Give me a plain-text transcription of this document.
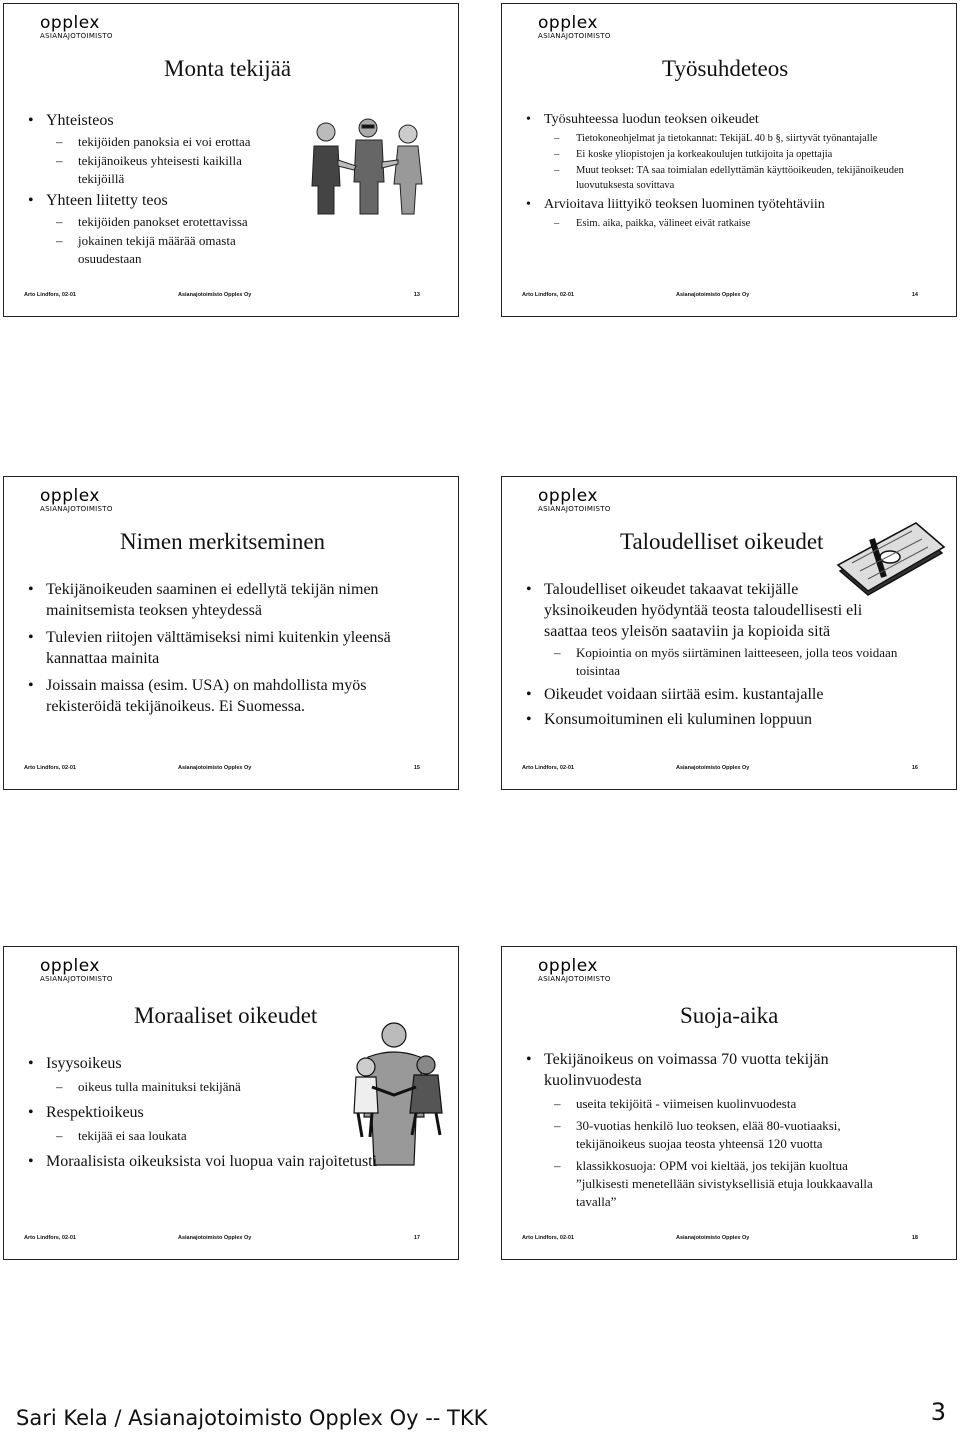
opplex
ASIANAJOTOIMISTO
Monta tekijää
• Yhteisteos
– tekijöiden panoksia ei voi erottaa
– tekijänoikeus yhteisesti kaikilla tekijöillä
• Yhteen liitetty teos
– tekijöiden panokset erotettavissa
– jokainen tekijä määrää omasta osuudestaan
Arto Lindfors, 02-01	Asianajotoimisto Opplex Oy	13
opplex
ASIANAJOTOIMISTO
Työsuhdeteos
• Työsuhteessa luodun teoksen oikeudet
– Tietokoneohjelmat ja tietokannat: TekijäL 40 b §, siirtyvät työnantajalle
– Ei koske yliopistojen ja korkeakoulujen tutkijoita ja opettajia
– Muut teokset: TA saa toimialan edellyttämän käyttöoikeuden, tekijänoikeuden luovutuksesta sovittava
• Arvioitava liittyikö teoksen luominen työtehtäviin
– Esim. aika, paikka, välineet eivät ratkaise
Arto Lindfors, 02-01	Asianajotoimisto Opplex Oy	14
opplex
ASIANAJOTOIMISTO
Nimen merkitseminen
• Tekijänoikeuden saaminen ei edellytä tekijän nimen mainitsemista teoksen yhteydessä
• Tulevien riitojen välttämiseksi nimi kuitenkin yleensä kannattaa mainita
• Joissain maissa (esim. USA) on mahdollista myös rekisteröidä tekijänoikeus. Ei Suomessa.
Arto Lindfors, 02-01	Asianajotoimisto Opplex Oy	15
opplex
ASIANAJOTOIMISTO
Taloudelliset oikeudet
• Taloudelliset oikeudet takaavat tekijälle yksinoikeuden hyödyntää teosta taloudellisesti eli saattaa teos yleisön saataviin ja kopioida sitä
– Kopiointia on myös siirtäminen laitteeseen, jolla teos voidaan toisintaa
• Oikeudet voidaan siirtää esim. kustantajalle
• Konsumoituminen eli kuluminen loppuun
Arto Lindfors, 02-01	Asianajotoimisto Opplex Oy	16
opplex
ASIANAJOTOIMISTO
Moraaliset oikeudet
• Isyysoikeus
– oikeus tulla mainituksi tekijänä
• Respektioikeus
– tekijää ei saa loukata
• Moraalisista oikeuksista voi luopua vain rajoitetusti
Arto Lindfors, 02-01	Asianajotoimisto Opplex Oy	17
opplex
ASIANAJOTOIMISTO
Suoja-aika
• Tekijänoikeus on voimassa 70 vuotta tekijän kuolinvuodesta
– useita tekijöitä - viimeisen kuolinvuodesta
– 30-vuotias henkilö luo teoksen, elää 80-vuotiaaksi, tekijänoikeus suojaa teosta yhteensä 120 vuotta
– klassikkosuoja: OPM voi kieltää, jos tekijän kuoltua ”julkisesti menetellään sivistyksellisiä etuja loukkaavalla tavalla”
Arto Lindfors, 02-01	Asianajotoimisto Opplex Oy	18
Sari Kela / Asianajotoimisto Opplex Oy -- TKK	3
